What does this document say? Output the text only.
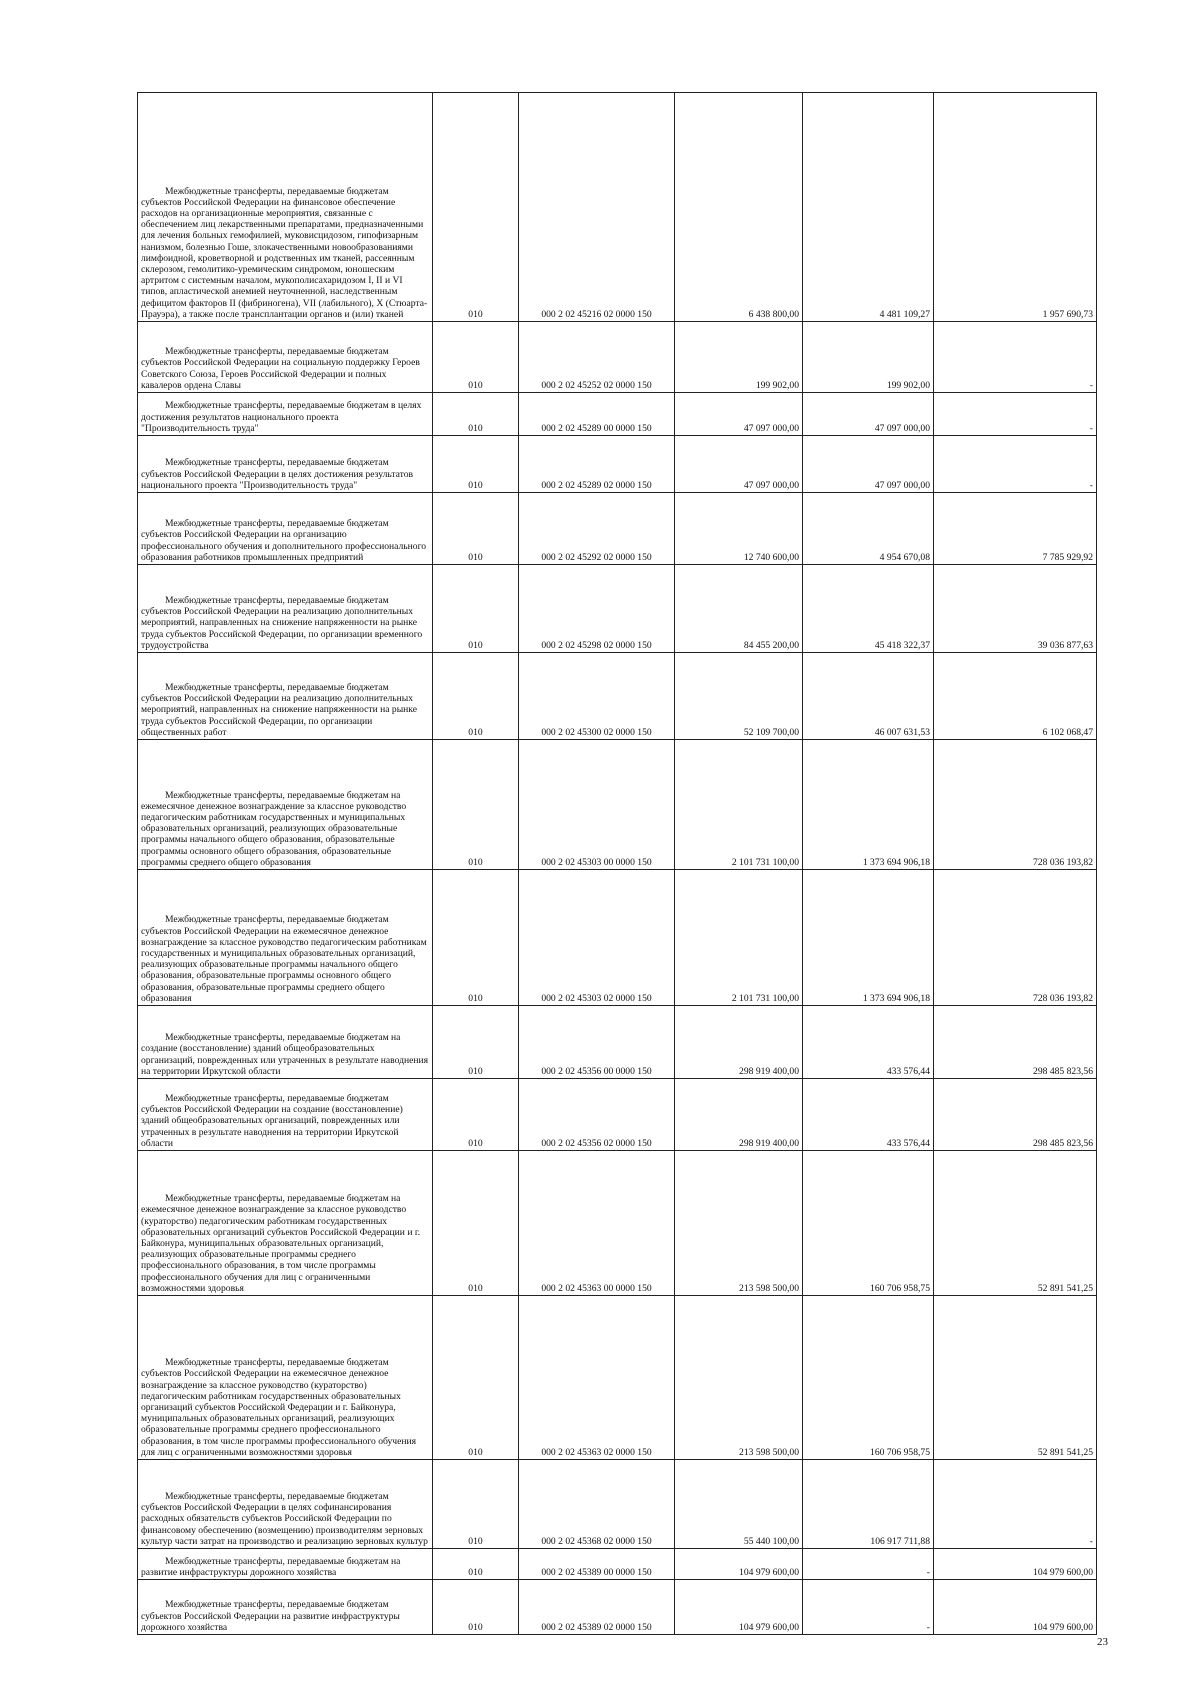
Межбюджетные трансферты, передаваемые бюджетам субъектов Российской Федерации на финансовое обеспечение расходов на организационные мероприятия, связанные с обеспечением лиц лекарственными препаратами, предназначенными для лечения больных гемофилией, муковисцидозом, гипофизарным нанизмом, болезнью Гоше, злокачественными новообразованиями лимфоидной, кроветворной и родственных им тканей, рассеянным склерозом, гемолитико-уремическим синдромом, юношеским артритом с системным началом, мукополисахаридозом I, II и VI типов, апластической анемией неуточненной, наследственным дефицитом факторов II (фибриногена), VII (лабильного), X (Стюарта-Прауэра), а также после трансплантации органов и (или) тканей	010	000 2 02 45216 02 0000 150	6 438 800,00	4 481 109,27	1 957 690,73
Межбюджетные трансферты, передаваемые бюджетам субъектов Российской Федерации на социальную поддержку Героев Советского Союза, Героев Российской Федерации и полных кавалеров ордена Славы	010	000 2 02 45252 02 0000 150	199 902,00	199 902,00	-
Межбюджетные трансферты, передаваемые бюджетам в целях достижения результатов национального проекта "Производительность труда"	010	000 2 02 45289 00 0000 150	47 097 000,00	47 097 000,00	-
Межбюджетные трансферты, передаваемые бюджетам субъектов Российской Федерации в целях достижения результатов национального проекта "Производительность труда"	010	000 2 02 45289 02 0000 150	47 097 000,00	47 097 000,00	-
Межбюджетные трансферты, передаваемые бюджетам субъектов Российской Федерации на организацию профессионального обучения и дополнительного профессионального образования работников промышленных предприятий	010	000 2 02 45292 02 0000 150	12 740 600,00	4 954 670,08	7 785 929,92
Межбюджетные трансферты, передаваемые бюджетам субъектов Российской Федерации на реализацию дополнительных мероприятий, направленных на снижение напряженности на рынке труда субъектов Российской Федерации, по организации временного трудоустройства	010	000 2 02 45298 02 0000 150	84 455 200,00	45 418 322,37	39 036 877,63
Межбюджетные трансферты, передаваемые бюджетам субъектов Российской Федерации на реализацию дополнительных мероприятий, направленных на снижение напряженности на рынке труда субъектов Российской Федерации, по организации общественных работ	010	000 2 02 45300 02 0000 150	52 109 700,00	46 007 631,53	6 102 068,47
Межбюджетные трансферты, передаваемые бюджетам на ежемесячное денежное вознаграждение за классное руководство педагогическим работникам государственных и муниципальных образовательных организаций, реализующих образовательные программы начального общего образования, образовательные программы основного общего образования, образовательные программы среднего общего образования	010	000 2 02 45303 00 0000 150	2 101 731 100,00	1 373 694 906,18	728 036 193,82
Межбюджетные трансферты, передаваемые бюджетам субъектов Российской Федерации на ежемесячное денежное вознаграждение за классное руководство педагогическим работникам государственных и муниципальных образовательных организаций, реализующих образовательные программы начального общего образования, образовательные программы основного общего образования, образовательные программы среднего общего образования	010	000 2 02 45303 02 0000 150	2 101 731 100,00	1 373 694 906,18	728 036 193,82
Межбюджетные трансферты, передаваемые бюджетам на создание (восстановление) зданий общеобразовательных организаций, поврежденных или утраченных в результате наводнения на территории Иркутской области	010	000 2 02 45356 00 0000 150	298 919 400,00	433 576,44	298 485 823,56
Межбюджетные трансферты, передаваемые бюджетам субъектов Российской Федерации на создание (восстановление) зданий общеобразовательных организаций, поврежденных или утраченных в результате наводнения на территории Иркутской области	010	000 2 02 45356 02 0000 150	298 919 400,00	433 576,44	298 485 823,56
Межбюджетные трансферты, передаваемые бюджетам на ежемесячное денежное вознаграждение за классное руководство (кураторство) педагогическим работникам государственных образовательных организаций субъектов Российской Федерации и г. Байконура, муниципальных образовательных организаций, реализующих образовательные программы среднего профессионального образования, в том числе программы профессионального обучения для лиц с ограниченными возможностями здоровья	010	000 2 02 45363 00 0000 150	213 598 500,00	160 706 958,75	52 891 541,25
Межбюджетные трансферты, передаваемые бюджетам субъектов Российской Федерации на ежемесячное денежное вознаграждение за классное руководство (кураторство) педагогическим работникам государственных образовательных организаций субъектов Российской Федерации и г. Байконура, муниципальных образовательных организаций, реализующих образовательные программы среднего профессионального образования, в том числе программы профессионального обучения для лиц с ограниченными возможностями здоровья	010	000 2 02 45363 02 0000 150	213 598 500,00	160 706 958,75	52 891 541,25
Межбюджетные трансферты, передаваемые бюджетам субъектов Российской Федерации в целях софинансирования расходных обязательств субъектов Российской Федерации по финансовому обеспечению (возмещению) производителям зерновых культур части затрат на производство и реализацию зерновых культур	010	000 2 02 45368 02 0000 150	55 440 100,00	106 917 711,88	-
Межбюджетные трансферты, передаваемые бюджетам на развитие инфраструктуры дорожного хозяйства	010	000 2 02 45389 00 0000 150	104 979 600,00	-	104 979 600,00
Межбюджетные трансферты, передаваемые бюджетам субъектов Российской Федерации на развитие инфраструктуры дорожного хозяйства	010	000 2 02 45389 02 0000 150	104 979 600,00	-	104 979 600,00
23
